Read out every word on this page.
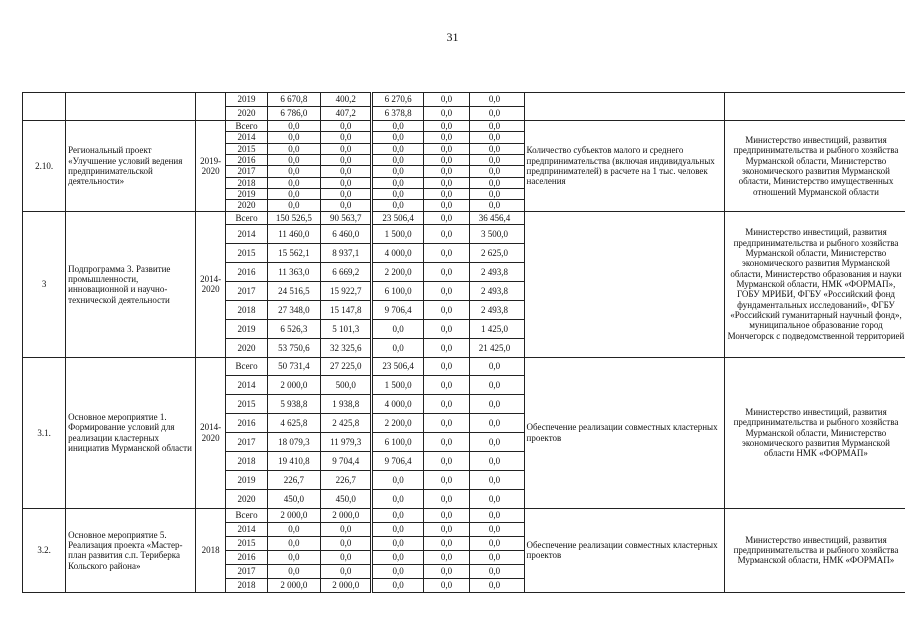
31
			2019	6 670,8	400,2	6 270,6	0,0	0,0			
			2020	6 786,0	407,2	6 378,8	0,0	0,0			
2.10.	Региональный проект «Улучшение условий ведения предпринимательской деятельности»	2019-2020	Всего	0,0	0,0	0,0	0,0	0,0		Количество субъектов малого и среднего предпринимательства (включая индивидуальных предпринимателей) в расчете на 1 тыс. человек населения	Министерство инвестиций, развития предпринимательства и рыбного хозяйства Мурманской области, Министерство экономического развития Мурманской области, Министерство имущественных отношений Мурманской области
			2014	0,0	0,0	0,0	0,0	0,0			
			2015	0,0	0,0	0,0	0,0	0,0			
			2016	0,0	0,0	0,0	0,0	0,0			
			2017	0,0	0,0	0,0	0,0	0,0			
			2018	0,0	0,0	0,0	0,0	0,0			
			2019	0,0	0,0	0,0	0,0	0,0			
			2020	0,0	0,0	0,0	0,0	0,0			
3	Подпрограмма 3. Развитие промышленности, инновационной и научно-технической деятельности	2014-2020	Всего	150 526,5	90 563,7	23 506,4	0,0	36 456,4			Министерство инвестиций, развития предпринимательства и рыбного хозяйства Мурманской области, Министерство экономического развития Мурманской области, Министерство образования и науки Мурманской области, НМК «ФОРМАП», ГОБУ МРИБИ, ФГБУ «Российский фонд фундаментальных исследований», ФГБУ «Российский гуманитарный научный фонд», муниципальное образование город Мончегорск с подведомственной территорией
			2014	11 460,0	6 460,0	1 500,0	0,0	3 500,0			
			2015	15 562,1	8 937,1	4 000,0	0,0	2 625,0			
			2016	11 363,0	6 669,2	2 200,0	0,0	2 493,8			
			2017	24 516,5	15 922,7	6 100,0	0,0	2 493,8			
			2018	27 348,0	15 147,8	9 706,4	0,0	2 493,8			
			2019	6 526,3	5 101,3	0,0	0,0	1 425,0			
			2020	53 750,6	32 325,6	0,0	0,0	21 425,0			
3.1.	Основное мероприятие 1. Формирование условий для реализации кластерных инициатив Мурманской области	2014-2020	Всего	50 731,4	27 225,0	23 506,4	0,0	0,0		Обеспечение реализации совместных кластерных проектов	Министерство инвестиций, развития предпринимательства и рыбного хозяйства Мурманской области, Министерство экономического развития Мурманской области НМК «ФОРМАП»
			2014	2 000,0	500,0	1 500,0	0,0	0,0			
			2015	5 938,8	1 938,8	4 000,0	0,0	0,0			
			2016	4 625,8	2 425,8	2 200,0	0,0	0,0			
			2017	18 079,3	11 979,3	6 100,0	0,0	0,0			
			2018	19 410,8	9 704,4	9 706,4	0,0	0,0			
			2019	226,7	226,7	0,0	0,0	0,0			
			2020	450,0	450,0	0,0	0,0	0,0			
3.2.	Основное мероприятие 5. Реализация проекта «Мастер-план развития с.п. Териберка Кольского района»	2018	Всего	2 000,0	2 000,0	0,0	0,0	0,0		Обеспечение реализации совместных кластерных проектов	Министерство инвестиций, развития предпринимательства и рыбного хозяйства Мурманской области, НМК «ФОРМАП»
			2014	0,0	0,0	0,0	0,0	0,0			
			2015	0,0	0,0	0,0	0,0	0,0			
			2016	0,0	0,0	0,0	0,0	0,0			
			2017	0,0	0,0	0,0	0,0	0,0			
			2018	2 000,0	2 000,0	0,0	0,0	0,0			
